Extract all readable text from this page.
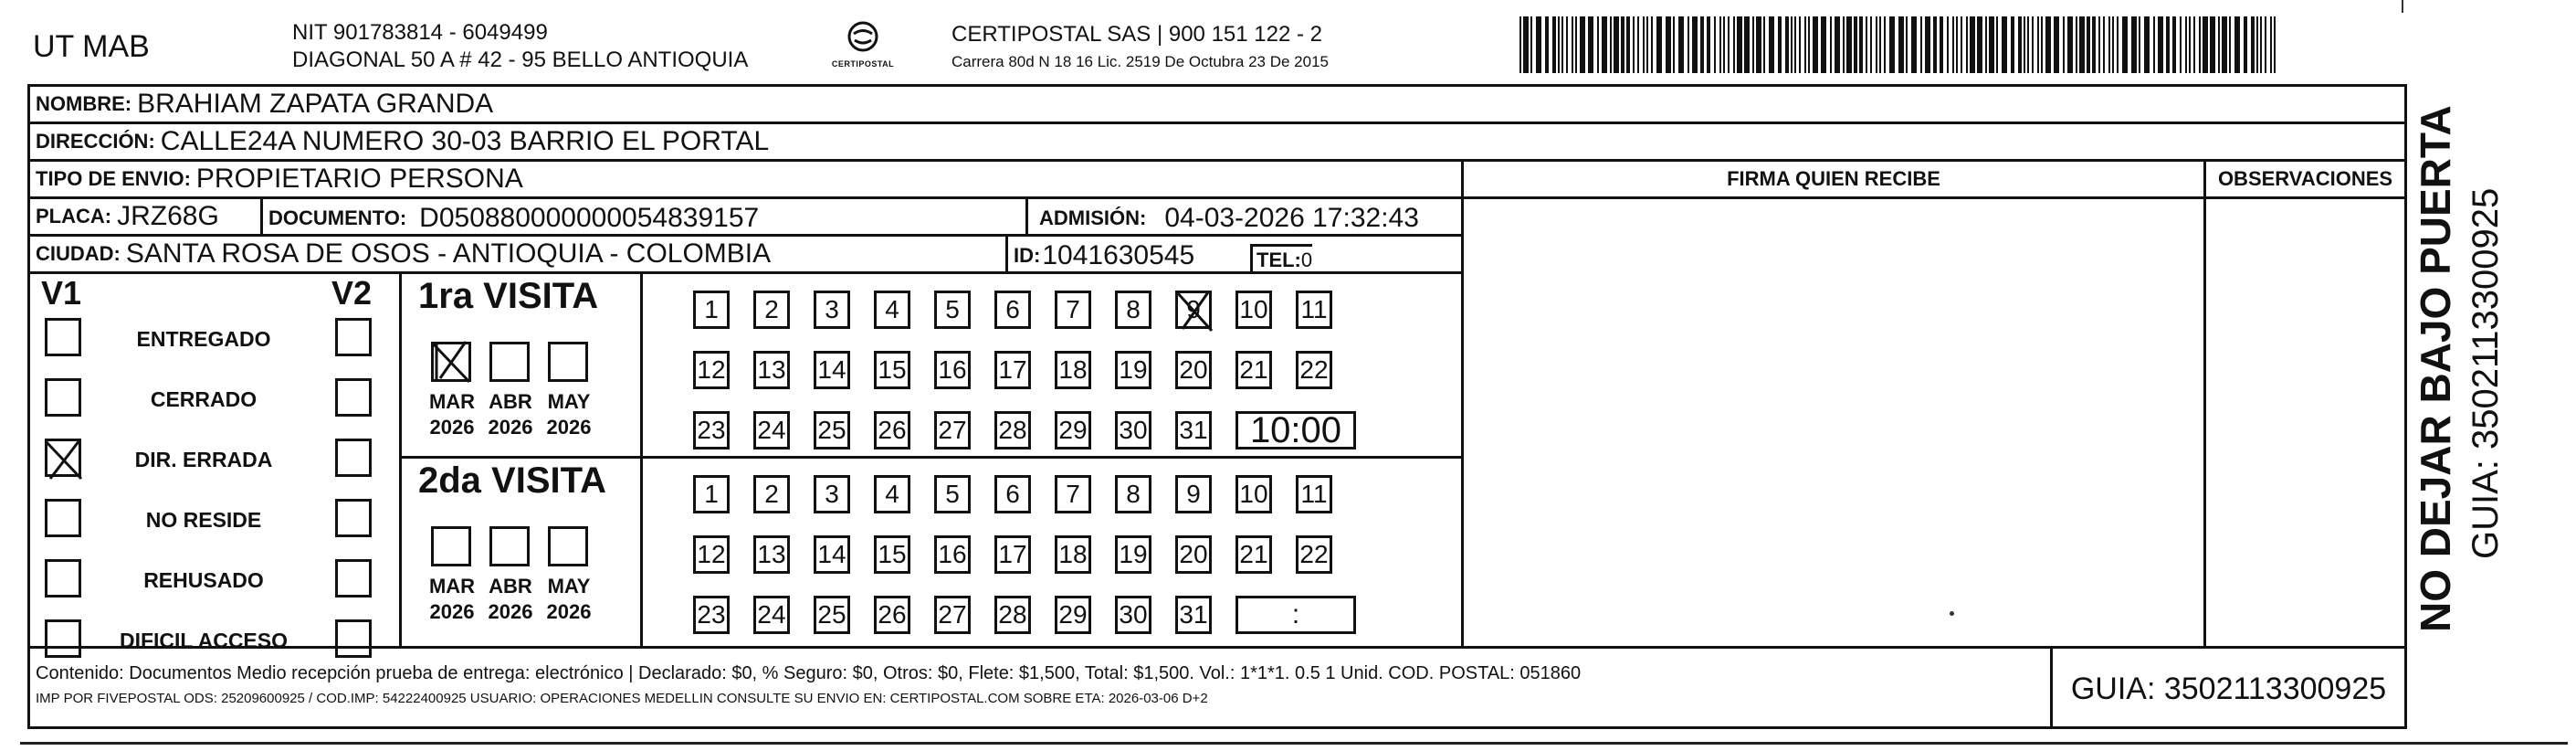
UT MAB	NIT 901783814 - 6049499
DIAGONAL 50 A # 42 - 95 BELLO ANTIOQUIA	CERTIPOSTAL
CERTIPOSTAL SAS | 900 151 122 - 2
Carrera 80d N 18 16 Lic. 2519 De Octubra 23 De 2015
NOMBRE: BRAHIAM ZAPATA GRANDA
DIRECCIÓN: CALLE24A NUMERO 30-03 BARRIO EL PORTAL
TIPO DE ENVIO: PROPIETARIO PERSONA
PLACA: JRZ68G
CIUDAD: SANTA ROSA DE OSOS - ANTIOQUIA - COLOMBIA
DOCUMENTO: D050880000000054839157	ADMISIÓN: 04-03-2026 17:32:43
ID: 1041630545	TEL: 0
FIRMA QUIEN RECIBE	OBSERVACIONES
V1	V2
ENTREGADO
CERRADO
DIR. ERRADA
NO RESIDE
REHUSADO
DIFICIL ACCESO
1ra VISITA
MAR
2026
ABR
2026
MAY
2026
1 2 3 4 5 6 7 8 9 10 11
12 13 14 15 16 17 18 19 20 21 22
23 24 25 26 27 28 29 30 31	10:00
2da VISITA
MAR
2026
ABR
2026
MAY
2026
1 2 3 4 5 6 7 8 9 10 11
12 13 14 15 16 17 18 19 20 21 22
23 24 25 26 27 28 29 30 31	:
Contenido: Documentos Medio recepción prueba de entrega: electrónico | Declarado: $0, % Seguro: $0, Otros: $0, Flete: $1,500, Total: $1,500. Vol.: 1*1*1. 0.5 1 Unid. COD. POSTAL: 051860
IMP POR FIVEPOSTAL ODS: 25209600925 / COD.IMP: 54222400925 USUARIO: OPERACIONES MEDELLIN CONSULTE SU ENVIO EN: CERTIPOSTAL.COM SOBRE ETA: 2026-03-06 D+2	GUIA: 3502113300925
NO DEJAR BAJO PUERTA GUIA: 3502113300925
